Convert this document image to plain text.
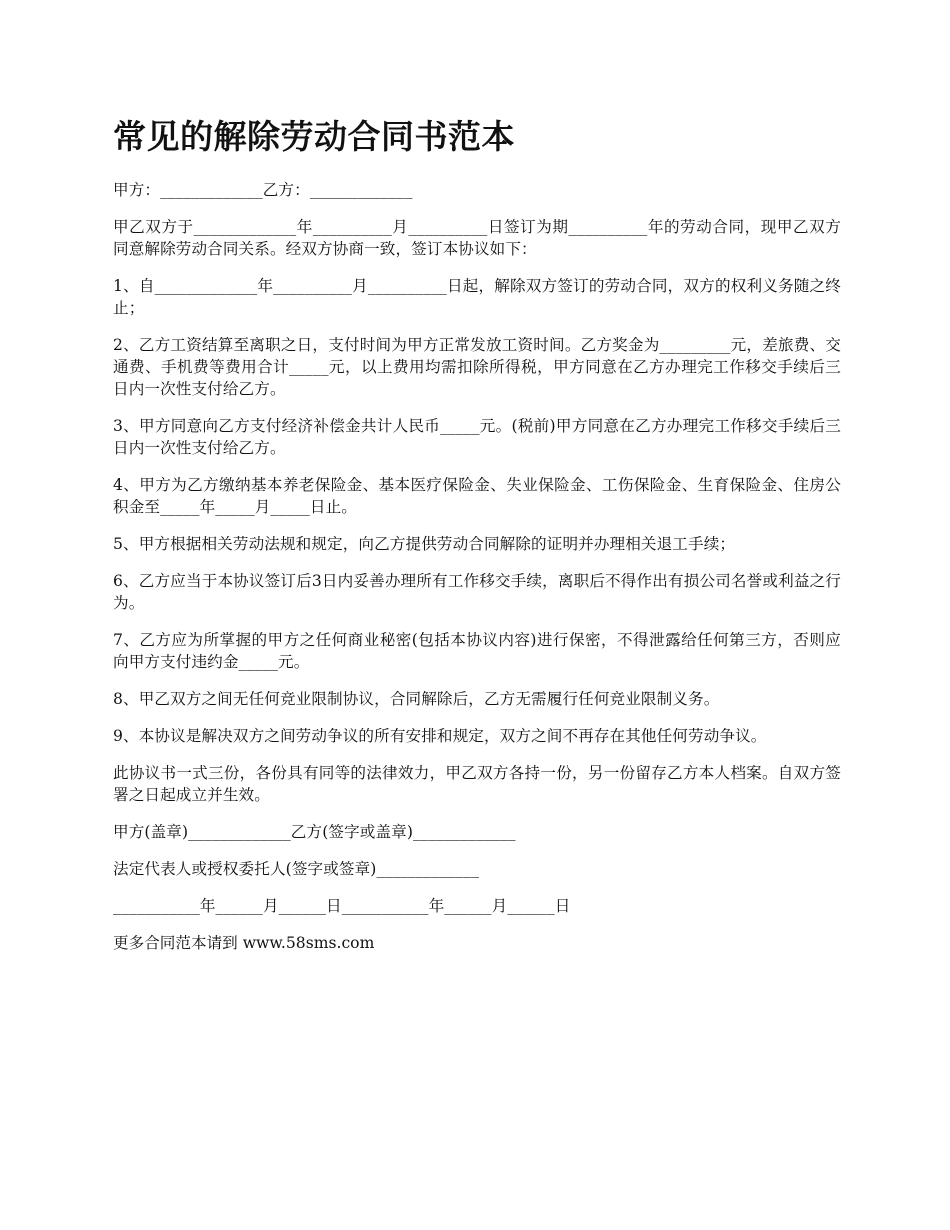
常见的解除劳动合同书范本

甲方：_____________乙方：_____________

甲乙双方于_____________年__________月__________日签订为期__________年的劳动合同，现甲乙双方同意解除劳动合同关系。经双方协商一致，签订本协议如下：

1、自_____________年__________月__________日起，解除双方签订的劳动合同，双方的权利义务随之终止；

2、乙方工资结算至离职之日，支付时间为甲方正常发放工资时间。乙方奖金为_________元，差旅费、交通费、手机费等费用合计_____元，以上费用均需扣除所得税，甲方同意在乙方办理完工作移交手续后三日内一次性支付给乙方。

3、甲方同意向乙方支付经济补偿金共计人民币_____元。(税前)甲方同意在乙方办理完工作移交手续后三日内一次性支付给乙方。

4、甲方为乙方缴纳基本养老保险金、基本医疗保险金、失业保险金、工伤保险金、生育保险金、住房公积金至_____年_____月_____日止。

5、甲方根据相关劳动法规和规定，向乙方提供劳动合同解除的证明并办理相关退工手续；

6、乙方应当于本协议签订后3日内妥善办理所有工作移交手续，离职后不得作出有损公司名誉或利益之行为。

7、乙方应为所掌握的甲方之任何商业秘密(包括本协议内容)进行保密，不得泄露给任何第三方，否则应向甲方支付违约金_____元。

8、甲乙双方之间无任何竞业限制协议，合同解除后，乙方无需履行任何竞业限制义务。

9、本协议是解决双方之间劳动争议的所有安排和规定，双方之间不再存在其他任何劳动争议。

此协议书一式三份，各份具有同等的法律效力，甲乙双方各持一份，另一份留存乙方本人档案。自双方签署之日起成立并生效。

甲方(盖章)_____________乙方(签字或盖章)_____________

法定代表人或授权委托人(签字或签章)_____________

___________年______月______日___________年______月______日

更多合同范本请到 www.58sms.com
